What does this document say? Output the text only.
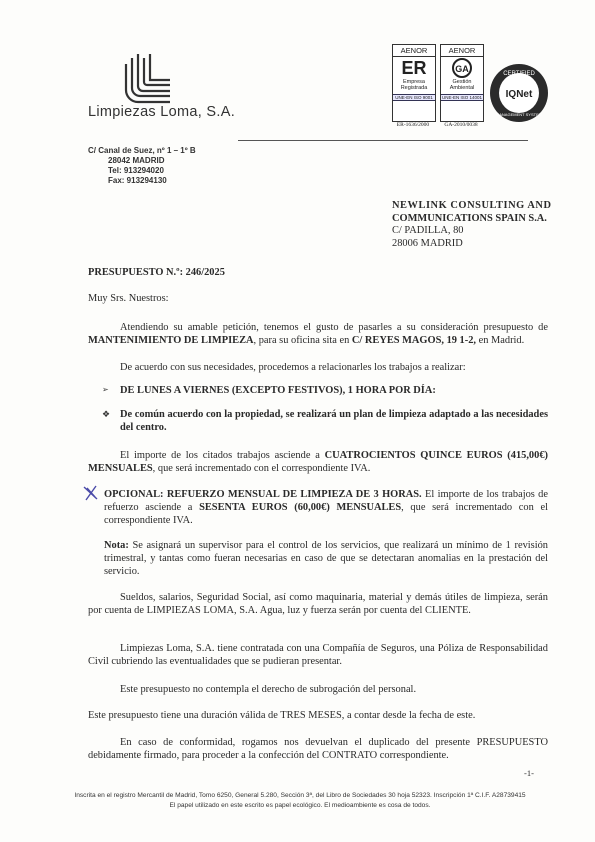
Limpiezas Loma, S.A.
AENOR
ER
Empresa
Registrada
UNE-EN ISO 9001
ER-1636/2000
AENOR
GA
Gestión
Ambiental
UNE-EN ISO 14001
GA-2010/0038
CERTIFIED
IQNet
MANAGEMENT SYSTEM
C/ Canal de Suez, nº 1 – 1º B
28042 MADRID
Tel: 913294020
Fax: 913294130
NEWLINK CONSULTING AND
COMMUNICATIONS SPAIN S.A.
C/ PADILLA, 80
28006 MADRID
PRESUPUESTO N.º: 246/2025
Muy Srs. Nuestros:
Atendiendo su amable petición, tenemos el gusto de pasarles a su consideración presupuesto de MANTENIMIENTO DE LIMPIEZA, para su oficina sita en C/ REYES MAGOS, 19 1-2, en Madrid.
De acuerdo con sus necesidades, procedemos a relacionarles los trabajos a realizar:
➢ DE LUNES A VIERNES (EXCEPTO FESTIVOS), 1 HORA POR DÍA:
❖ De común acuerdo con la propiedad, se realizará un plan de limpieza adaptado a las necesidades del centro.
El importe de los citados trabajos asciende a CUATROCIENTOS QUINCE EUROS (415,00€) MENSUALES, que será incrementado con el correspondiente IVA.
OPCIONAL: REFUERZO MENSUAL DE LIMPIEZA DE 3 HORAS. El importe de los trabajos de refuerzo asciende a SESENTA EUROS (60,00€) MENSUALES, que será incrementado con el correspondiente IVA.
Nota: Se asignará un supervisor para el control de los servicios, que realizará un mínimo de 1 revisión trimestral, y tantas como fueran necesarias en caso de que se detectaran anomalias en la prestación del servicio.
Sueldos, salarios, Seguridad Social, así como maquinaria, material y demás útiles de limpieza, serán por cuenta de LIMPIEZAS LOMA, S.A. Agua, luz y fuerza serán por cuenta del CLIENTE.
Limpiezas Loma, S.A. tiene contratada con una Compañía de Seguros, una Póliza de Responsabilidad Civil cubriendo las eventualidades que se pudieran presentar.
Este presupuesto no contempla el derecho de subrogación del personal.
Este presupuesto tiene una duración válida de TRES MESES, a contar desde la fecha de este.
En caso de conformidad, rogamos nos devuelvan el duplicado del presente PRESUPUESTO debidamente firmado, para proceder a la confección del CONTRATO correspondiente.
-1-
Inscrita en el registro Mercantil de Madrid, Tomo 6250, General 5.280, Sección 3ª, del Libro de Sociedades 30 hoja 52323. Inscripción 1ª C.I.F. A28739415
El papel utilizado en este escrito es papel ecológico. El medioambiente es cosa de todos.
